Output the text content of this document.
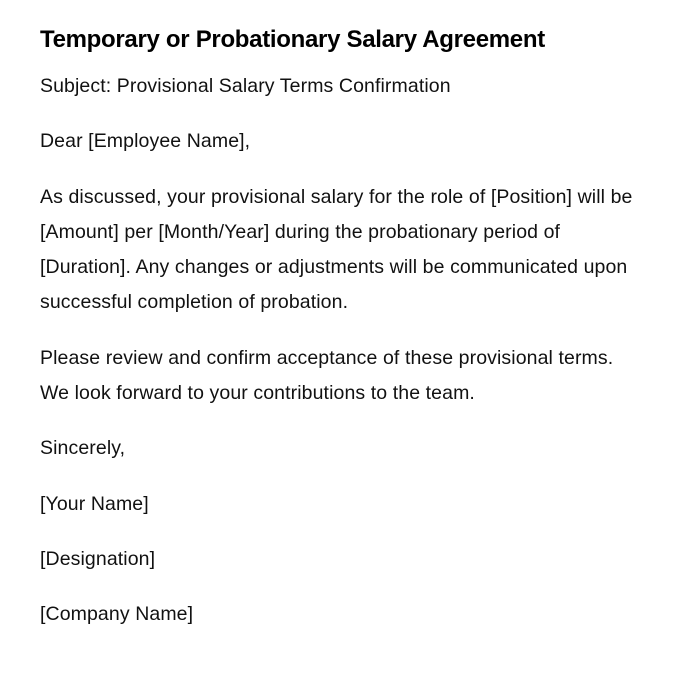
Temporary or Probationary Salary Agreement

Subject: Provisional Salary Terms Confirmation

Dear [Employee Name],

As discussed, your provisional salary for the role of [Position] will be [Amount] per [Month/Year] during the probationary period of [Duration]. Any changes or adjustments will be communicated upon successful completion of probation.

Please review and confirm acceptance of these provisional terms. We look forward to your contributions to the team.

Sincerely,

[Your Name]

[Designation]

[Company Name]
